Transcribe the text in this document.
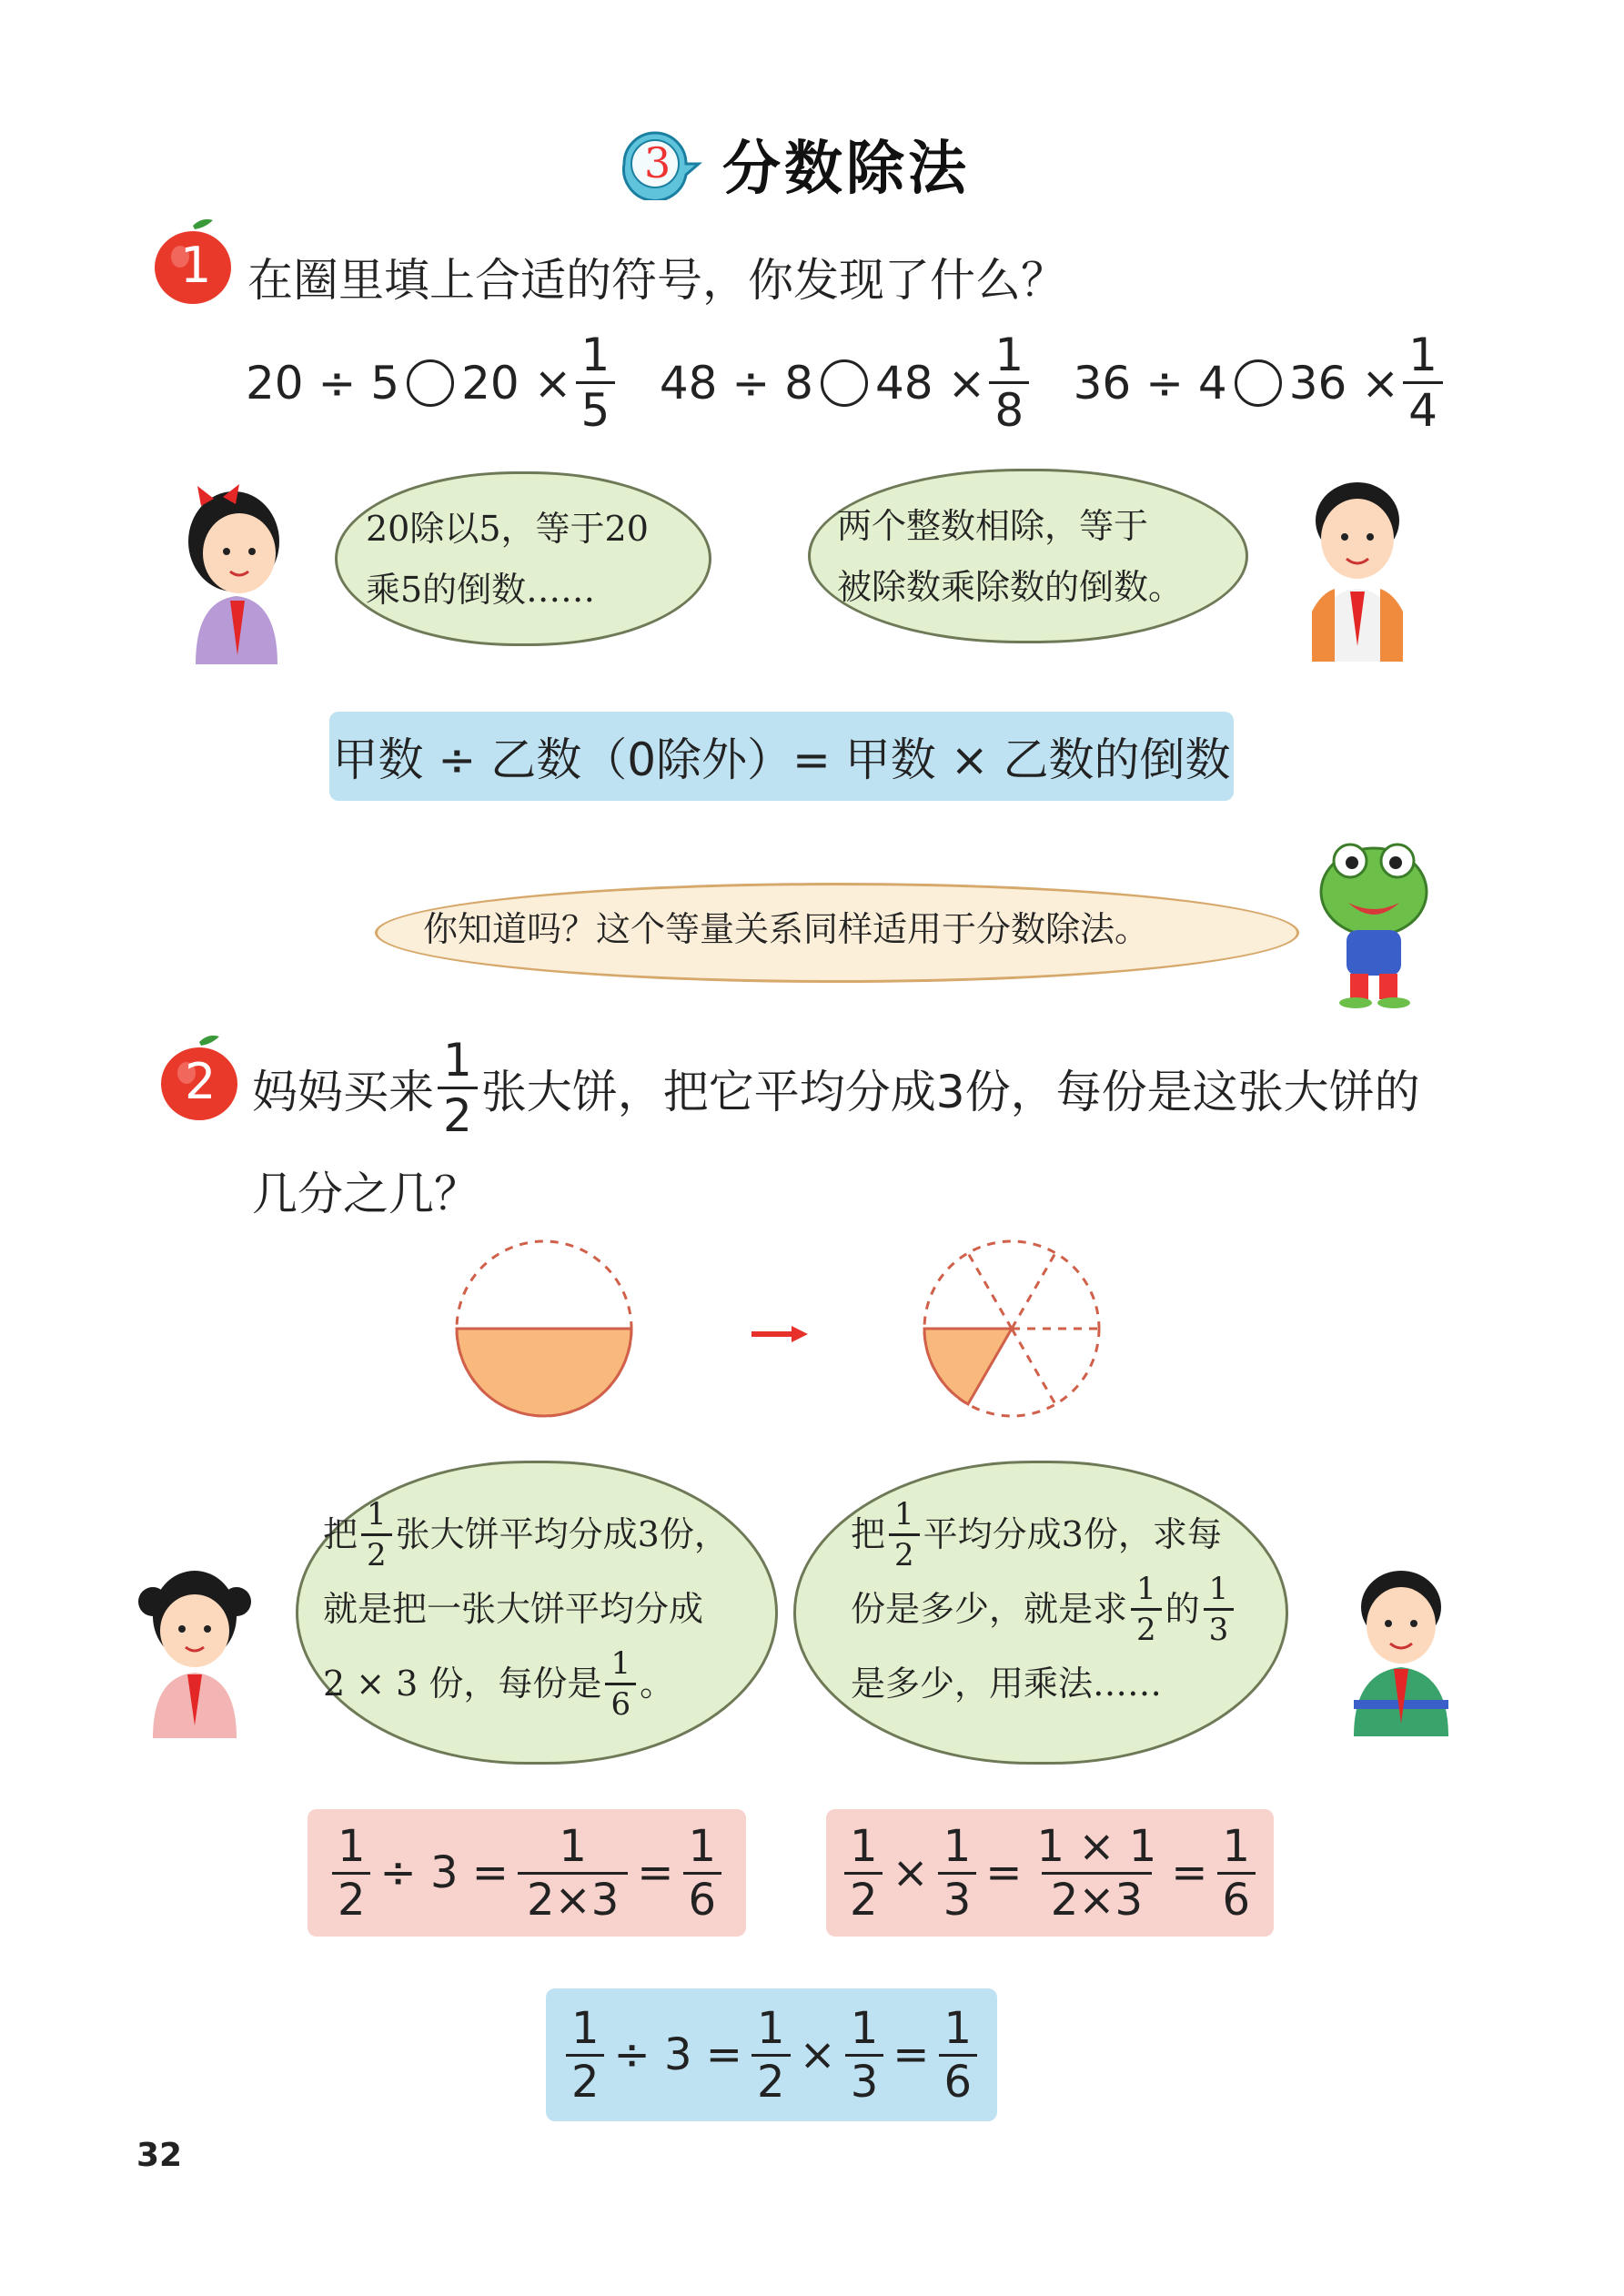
3 分数除法
1 在圈里填上合适的符号，你发现了什么？
20 ÷ 5 $20 \times \frac{1}{5} 48 \div 8$ $48 \times \frac{1}{8} 36 \div 4$ $36 \times \frac{1}{4}$
20除以5，等于20
乘5的倒数……
两个整数相除，等于
被除数乘除数的倒数。
甲数 ÷ 乙数（0除外）= 甲数 × 乙数的倒数
你知道吗？这个等量关系同样适用于分数除法。
2 妈妈买来 $\frac{1}{2}$ 张大饼，把它平均分成3份，每份是这张大饼的
几分之几？
把 $\frac{1}{2}$ 张大饼平均分成3份，
就是把一张大饼平均分成
2 × 3 份，每份是 $\frac{1}{6}$ 。
把 $\frac{1}{2}$ 平均分成3份，求每
份是多少，就是求 $\frac{1}{2}$ 的 $\frac{1}{3}$
是多少，用乘法……
$\frac{1}{2} \div 3 = \frac{1}{2\times 3} = \frac{1}{6}$	$\frac{1}{2} \times \frac{1}{3} = \frac{1 \times 1}{2\times 3} = \frac{1}{6}$
$\frac{1}{2} \div 3 = \frac{1}{2} \times \frac{1}{3} = \frac{1}{6}$
32
